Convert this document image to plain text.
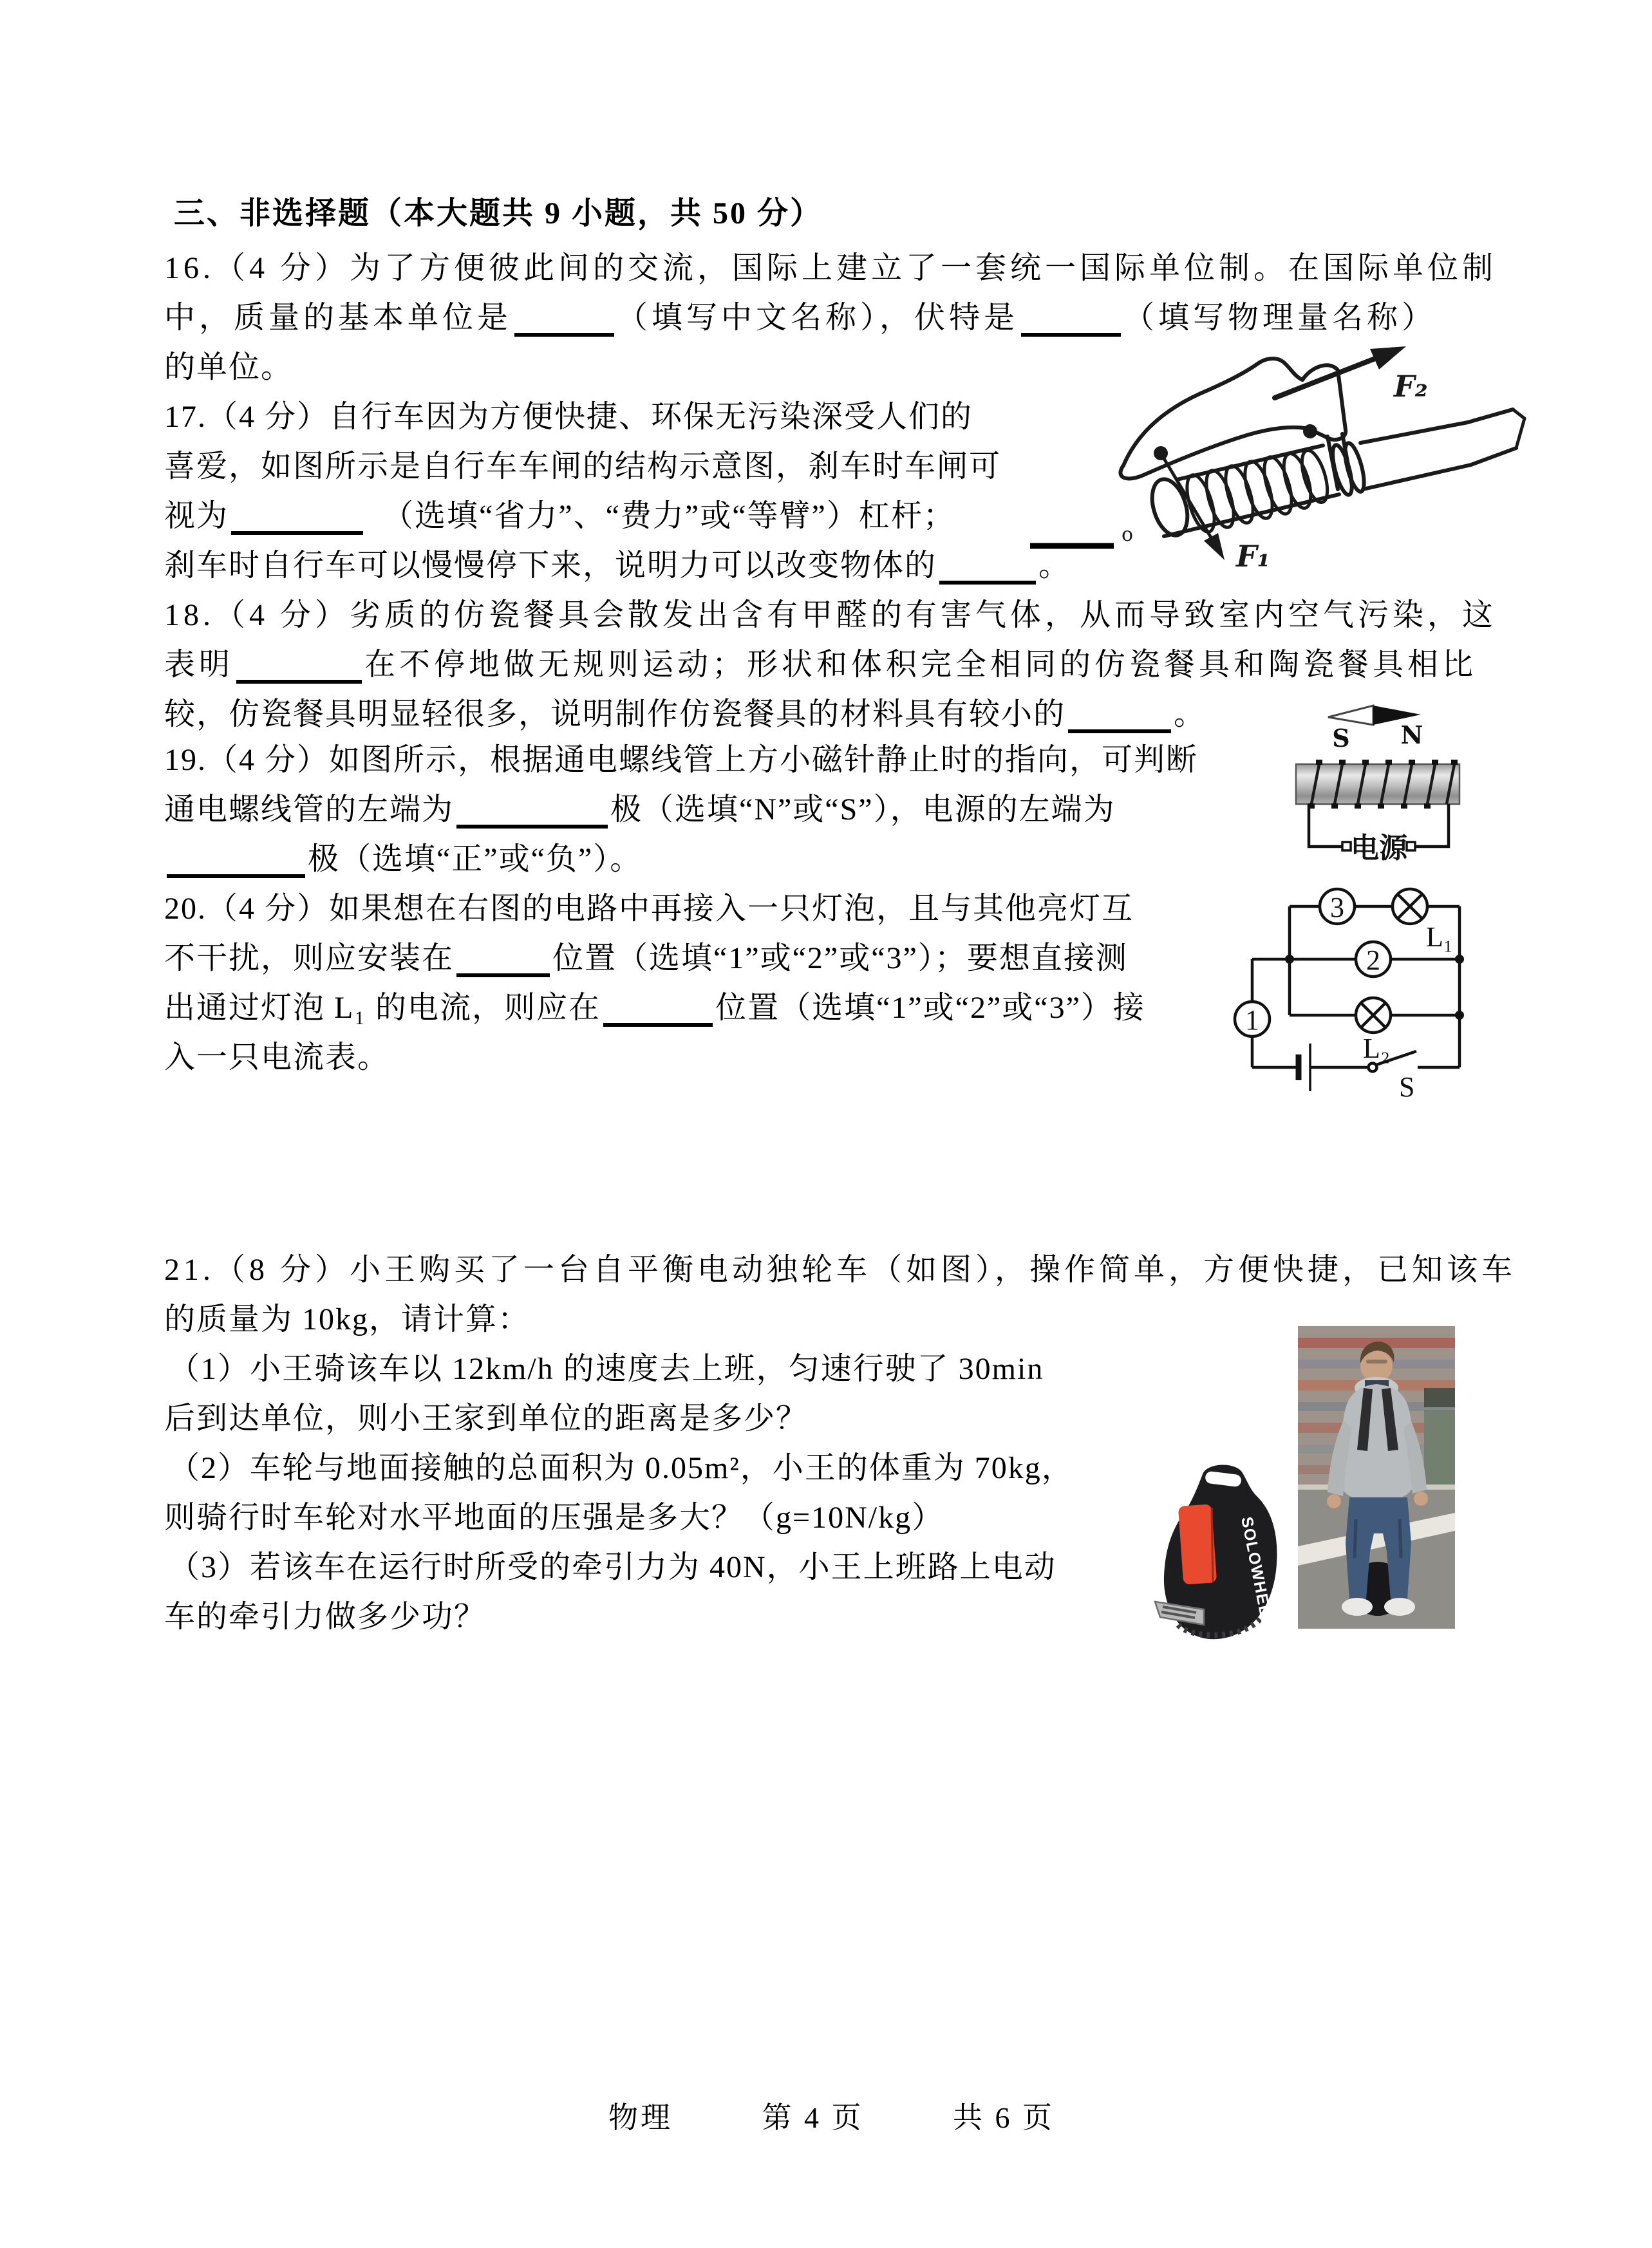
三、非选择题（本大题共 9 小题，共 50 分）
16.（4 分）为了方便彼此间的交流，国际上建立了一套统一国际单位制。在国际单位制
中，质量的基本单位是	（填写中文名称），伏特是	（填写物理量名称）
的单位。
17.（4 分）自行车因为方便快捷、环保无污染深受人们的
喜爱，如图所示是自行车车闸的结构示意图，刹车时车闸可
视为	（选填“省力”、“费力”或“等臂”）杠杆；
刹车时自行车可以慢慢停下来，说明力可以改变物体的	。
18.（4 分）劣质的仿瓷餐具会散发出含有甲醛的有害气体，从而导致室内空气污染，这
表明	在不停地做无规则运动；形状和体积完全相同的仿瓷餐具和陶瓷餐具相比
较，仿瓷餐具明显轻很多，说明制作仿瓷餐具的材料具有较小的	。
19.（4 分）如图所示，根据通电螺线管上方小磁针静止时的指向，可判断
通电螺线管的左端为	极（选填“N”或“S”），电源的左端为
极（选填“正”或“负”）。
20.（4 分）如果想在右图的电路中再接入一只灯泡，且与其他亮灯互
不干扰，则应安装在	位置（选填“1”或“2”或“3”）；要想直接测
出通过灯泡 L₁ 的电流，则应在	位置（选填“1”或“2”或“3”）接
入一只电流表。
21.（8 分）小王购买了一台自平衡电动独轮车（如图），操作简单，方便快捷，已知该车
的质量为 10kg，请计算：
（1）小王骑该车以 12km/h 的速度去上班，匀速行驶了 30min
后到达单位，则小王家到单位的距离是多少？
（2）车轮与地面接触的总面积为 0.05m²，小王的体重为 70kg，
则骑行时车轮对水平地面的压强是多大？（g=10N/kg）
（3）若该车在运行时所受的牵引力为 40N，小王上班路上电动
车的牵引力做多少功？
F₂
F₁
o
S N
电源
S
3
2
1
L₁
L₂
SOLOWHEEL
物理	第 4 页	共 6 页
